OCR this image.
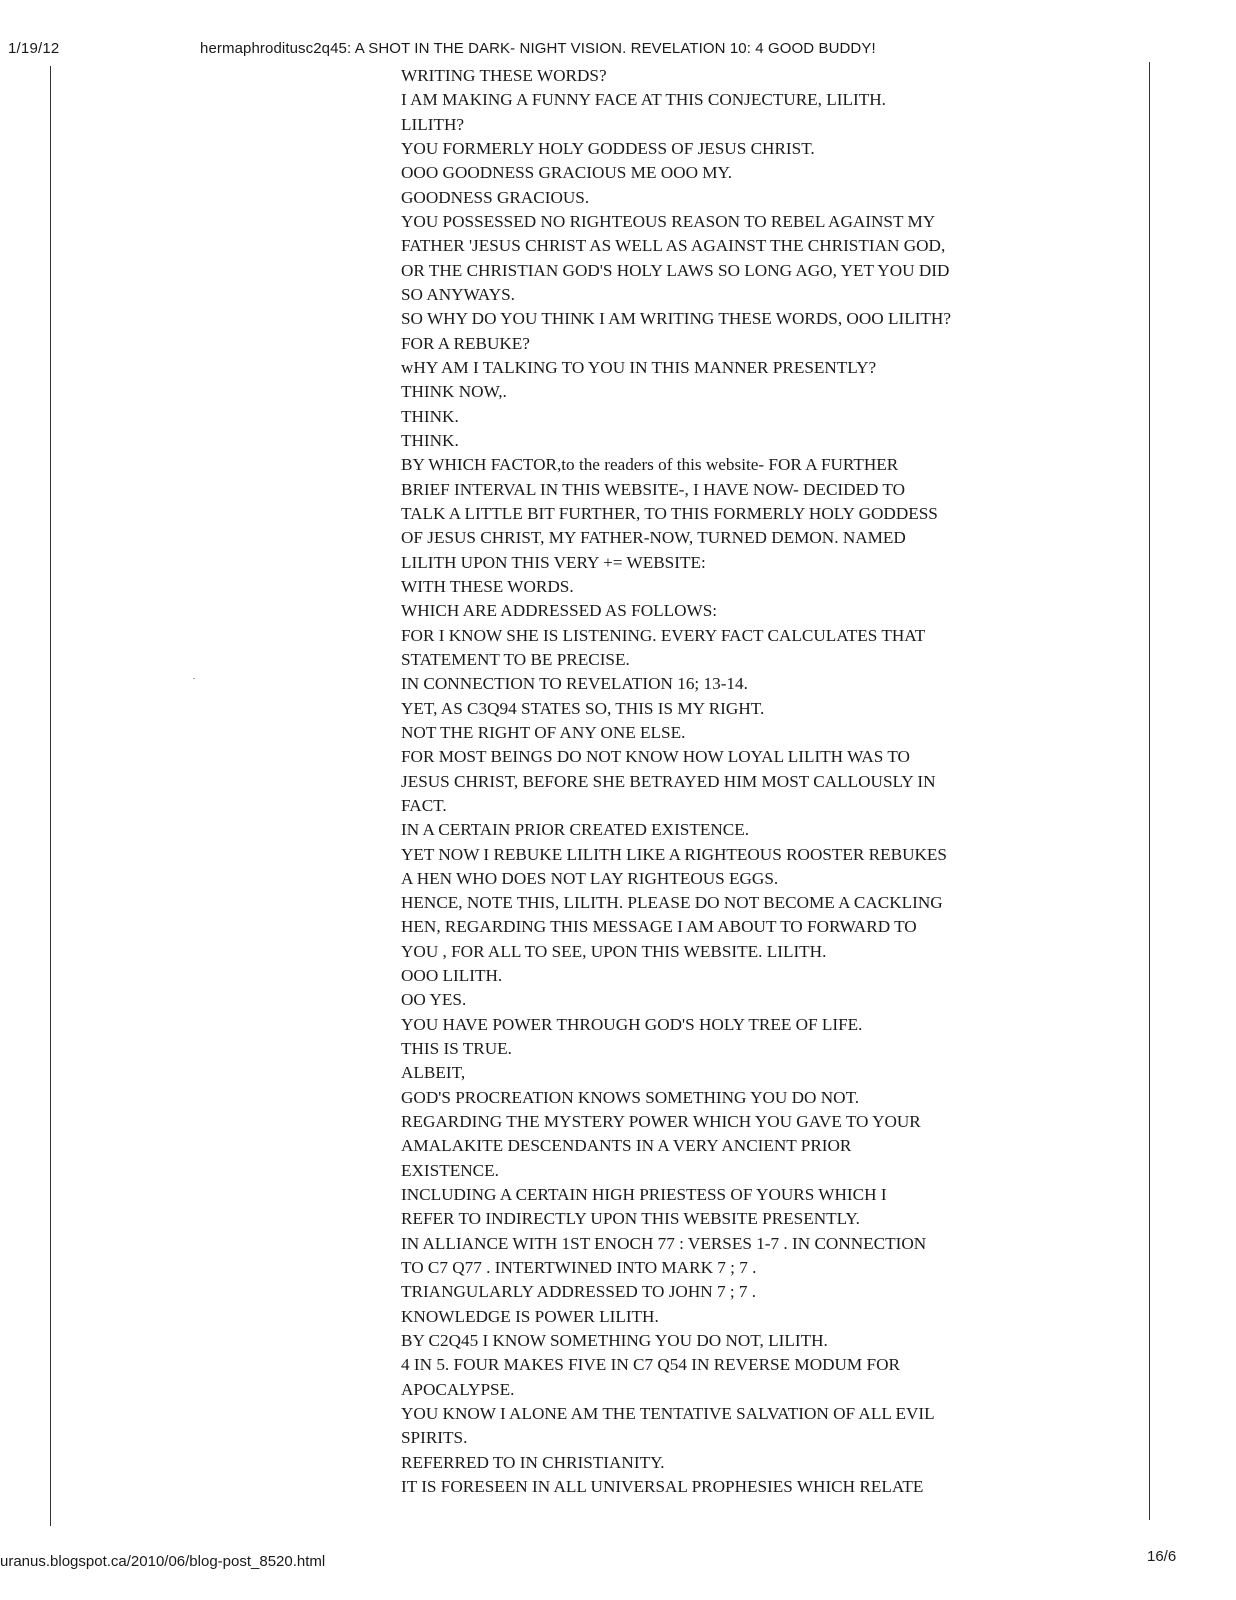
1/19/12	hermaphroditusc2q45: A SHOT IN THE DARK- NIGHT VISION. REVELATION 10: 4 GOOD BUDDY!
WRITING THESE WORDS?
I AM MAKING A FUNNY FACE AT THIS CONJECTURE, LILITH.
LILITH?
YOU FORMERLY HOLY GODDESS OF JESUS CHRIST.
OOO GOODNESS GRACIOUS ME OOO MY.
GOODNESS GRACIOUS.
YOU POSSESSED NO RIGHTEOUS REASON TO REBEL AGAINST MY
FATHER 'JESUS CHRIST AS WELL AS AGAINST THE CHRISTIAN GOD,
OR THE CHRISTIAN GOD'S HOLY LAWS SO LONG AGO, YET YOU DID
SO ANYWAYS.
SO WHY DO YOU THINK I AM WRITING THESE WORDS, OOO LILITH?
FOR A REBUKE?
wHY AM I TALKING TO YOU IN THIS MANNER PRESENTLY?
THINK NOW,.
THINK.
THINK.
BY WHICH FACTOR,to the readers of this website- FOR A FURTHER
BRIEF INTERVAL IN THIS WEBSITE-, I HAVE NOW- DECIDED TO
TALK A LITTLE BIT FURTHER, TO THIS FORMERLY HOLY GODDESS
OF JESUS CHRIST, MY FATHER-NOW, TURNED DEMON. NAMED
LILITH UPON THIS VERY += WEBSITE:
WITH THESE WORDS.
WHICH ARE ADDRESSED AS FOLLOWS:
FOR I KNOW SHE IS LISTENING. EVERY FACT CALCULATES THAT
STATEMENT TO BE PRECISE.
IN CONNECTION TO REVELATION 16; 13-14.
YET, AS C3Q94 STATES SO, THIS IS MY RIGHT.
NOT THE RIGHT OF ANY ONE ELSE.
FOR MOST BEINGS DO NOT KNOW HOW LOYAL LILITH WAS TO
JESUS CHRIST, BEFORE SHE BETRAYED HIM MOST CALLOUSLY IN
FACT.
IN A CERTAIN PRIOR CREATED EXISTENCE.
YET NOW I REBUKE LILITH LIKE A RIGHTEOUS ROOSTER REBUKES
A HEN WHO DOES NOT LAY RIGHTEOUS EGGS.
HENCE, NOTE THIS, LILITH. PLEASE DO NOT BECOME A CACKLING
HEN, REGARDING THIS MESSAGE I AM ABOUT TO FORWARD TO
YOU , FOR ALL TO SEE, UPON THIS WEBSITE. LILITH.
OOO LILITH.
OO YES.
YOU HAVE POWER THROUGH GOD'S HOLY TREE OF LIFE.
THIS IS TRUE.
ALBEIT,
GOD'S PROCREATION KNOWS SOMETHING YOU DO NOT.
REGARDING THE MYSTERY POWER WHICH YOU GAVE TO YOUR
AMALAKITE DESCENDANTS IN A VERY ANCIENT PRIOR
EXISTENCE.
INCLUDING A CERTAIN HIGH PRIESTESS OF YOURS WHICH I
REFER TO INDIRECTLY UPON THIS WEBSITE PRESENTLY.
IN ALLIANCE WITH 1ST ENOCH 77 : VERSES 1-7 . IN CONNECTION
TO C7 Q77 . INTERTWINED INTO MARK 7 ; 7 .
TRIANGULARLY ADDRESSED TO JOHN 7 ; 7 .
KNOWLEDGE IS POWER LILITH.
BY C2Q45 I KNOW SOMETHING YOU DO NOT, LILITH.
4 IN 5. FOUR MAKES FIVE IN C7 Q54 IN REVERSE MODUM FOR
APOCALYPSE.
YOU KNOW I ALONE AM THE TENTATIVE SALVATION OF ALL EVIL
SPIRITS.
REFERRED TO IN CHRISTIANITY.
IT IS FORESEEN IN ALL UNIVERSAL PROPHESIES WHICH RELATE
uranus.blogspot.ca/2010/06/blog-post_8520.html	16/6
